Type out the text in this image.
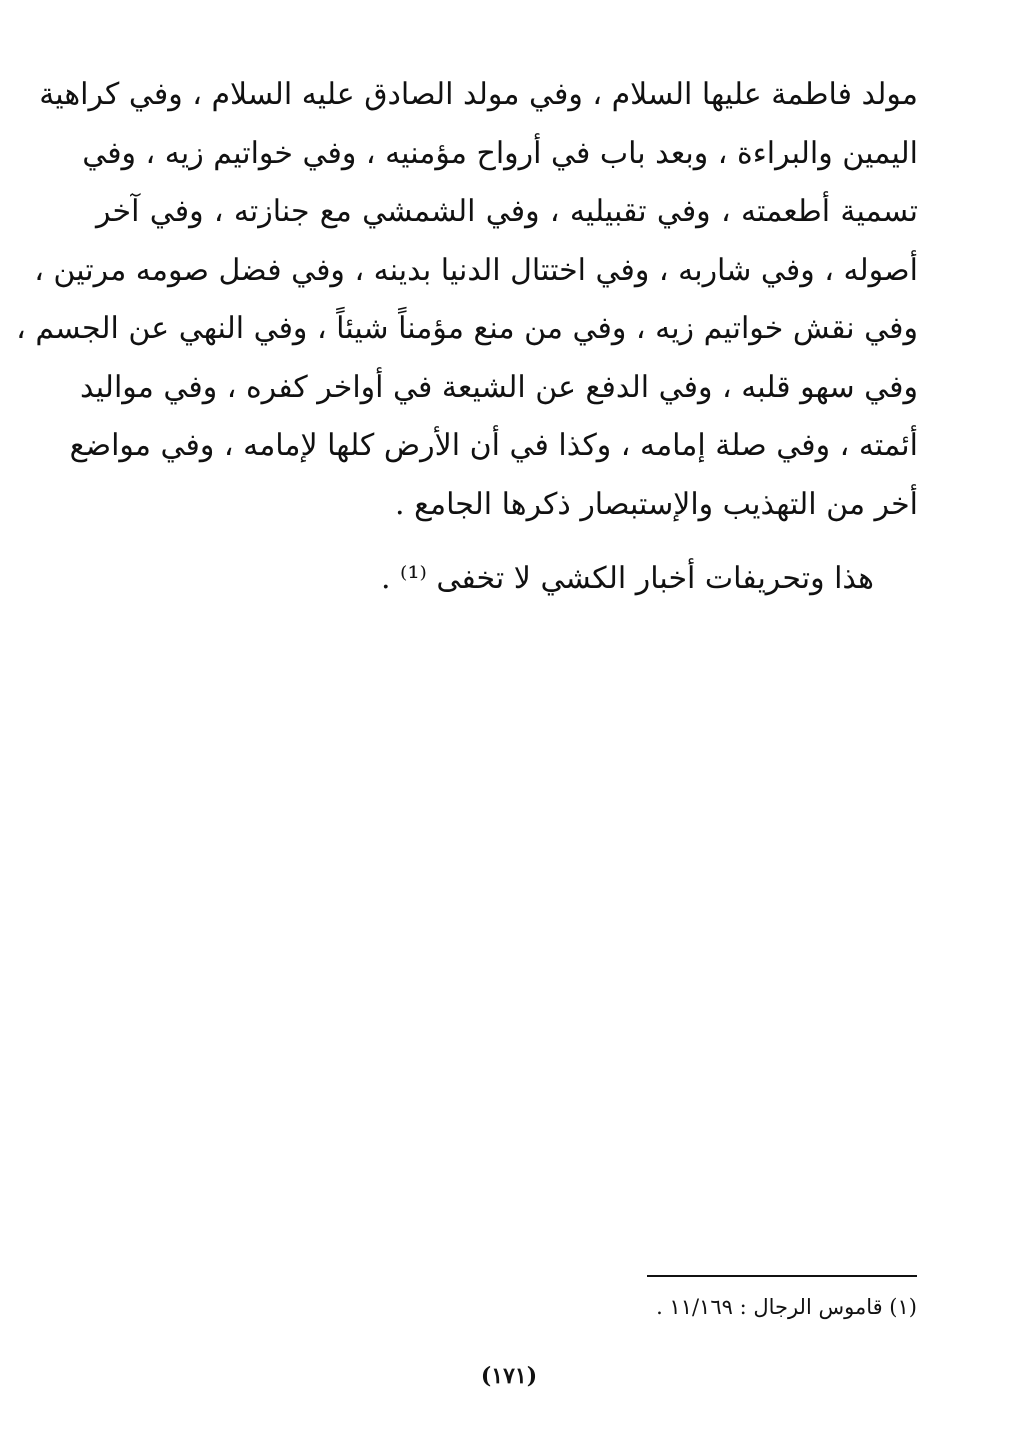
مولد فاطمة عليها السلام ، وفي مولد الصادق عليه السلام ، وفي كراهية
اليمين والبراءة ، وبعد باب في أرواح مؤمنيه ، وفي خواتيم زيه ، وفي
تسمية أطعمته ، وفي تقبيليه ، وفي الشمشي مع جنازته ، وفي آخر
أصوله ، وفي شاربه ، وفي اختتال الدنيا بدينه ، وفي فضل صومه مرتين ،
وفي نقش خواتيم زيه ، وفي من منع مؤمناً شيئاً ، وفي النهي عن الجسم ،
وفي سهو قلبه ، وفي الدفع عن الشيعة في أواخر كفره ، وفي مواليد
أئمته ، وفي صلة إمامه ، وكذا في أن الأرض كلها لإمامه ، وفي مواضع
أخر من التهذيب والإستبصار ذكرها الجامع .
هذا وتحريفات أخبار الكشي لا تخفى ⁽¹⁾ .
(١) قاموس الرجال : ١١/١٦٩ .
(١٧١)
